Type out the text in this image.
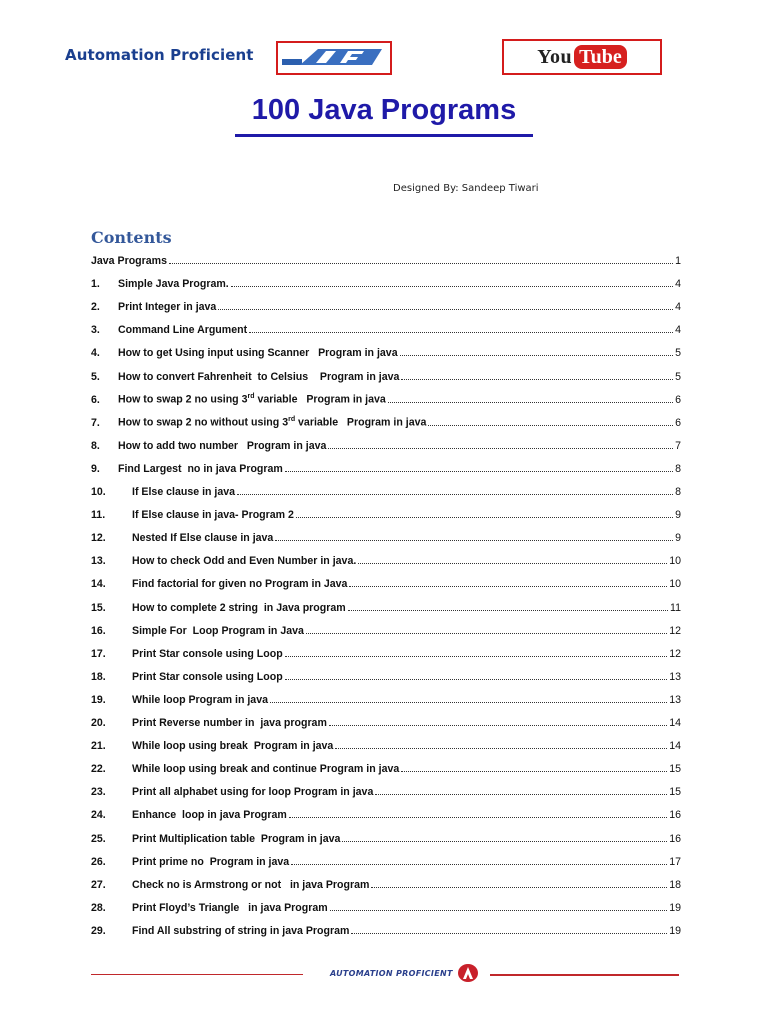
Automation Proficient	You Tube
100 Java Programs
Designed By: Sandeep Tiwari
Contents
Java Programs	1
1.	Simple Java Program.	4
2.	Print Integer in java	4
3.	Command Line Argument	4
4.	How to get Using input using Scanner   Program in java	5
5.	How to convert Fahrenheit  to Celsius    Program in java	5
6.	How to swap 2 no using 3rd variable   Program in java	6
7.	How to swap 2 no without using 3rd variable   Program in java	6
8.	How to add two number   Program in java	7
9.	Find Largest  no in java Program	8
10.	If Else clause in java	8
11.	If Else clause in java- Program 2	9
12.	Nested If Else clause in java	9
13.	How to check Odd and Even Number in java.	10
14.	Find factorial for given no Program in Java	10
15.	How to complete 2 string  in Java program	11
16.	Simple For  Loop Program in Java	12
17.	Print Star console using Loop	12
18.	Print Star console using Loop	13
19.	While loop Program in java	13
20.	Print Reverse number in  java program	14
21.	While loop using break  Program in java	14
22.	While loop using break and continue Program in java	15
23.	Print all alphabet using for loop Program in java	15
24.	Enhance  loop in java Program	16
25.	Print Multiplication table  Program in java	16
26.	Print prime no  Program in java	17
27.	Check no is Armstrong or not   in java Program	18
28.	Print Floyd’s Triangle   in java Program	19
29.	Find All substring of string in java Program	19
AUTOMATION PROFICIENT
